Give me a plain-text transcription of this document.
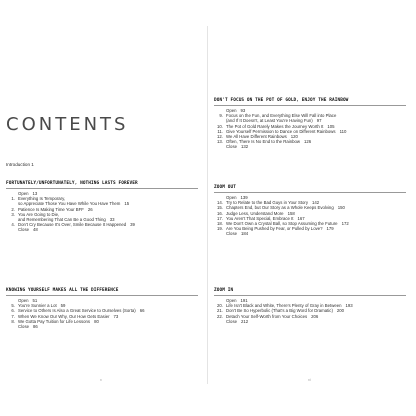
CONTENTS
Introduction 1
FORTUNATELY/UNFORTUNATELY, NOTHING LASTS FOREVER
Open 13
1. Everything Is Temporary,
so Appreciate Those You Have While You Have Them 15
2. Patience Is Making Time Your BFF 26
3. You Are Going to Die,
and Remembering That Can Be a Good Thing 33
4. Don't Cry Because It's Over, Smile Because It Happened 39
Close 48
KNOWING YOURSELF MAKES ALL THE DIFFERENCE
Open 51
5. You're Sunnier a Lot 59
6. Service to Others Is Also a Great Service to Ourselves (Sorta) 66
7. When We Know Our Why, Our How Gets Easier 73
8. We Gotta Pay Tuition for Life Lessons 80
Close 86
x
DON'T FOCUS ON THE POT OF GOLD, ENJOY THE RAINBOW
Open 93
9. Focus on the Fun, and Everything Else Will Fall into Place
(and If It Doesn't, at Least You're Having Fun) 97
10. The Pot of Gold Rarely Makes the Journey Worth It 105
11. Give Yourself Permission to Dance on Different Rainbows 110
12. We All Have Different Rainbows 120
13. Often, There Is No End to the Rainbow 126
Close 132
ZOOM OUT
Open 139
14. Try to Relate to the Bad Guys in Your Story 142
15. Chapters End, but Our Story as a Whole Keeps Evolving 150
16. Judge Less, Understand More 158
17. You Aren't That Special, Embrace It 167
18. We Don't Own a Crystal Ball, so Stop Assuming the Future 172
19. Are You Being Pushed by Fear, or Pulled by Love? 179
Close 184
ZOOM IN
Open 191
20. Life Isn't Black and White, There's Plenty of Gray in Between 193
21. Don't Be So Hyperbolic (That's a Big Word for Dramatic) 200
22. Detach Your Self-Worth from Your Choices 206
Close 212
xi
